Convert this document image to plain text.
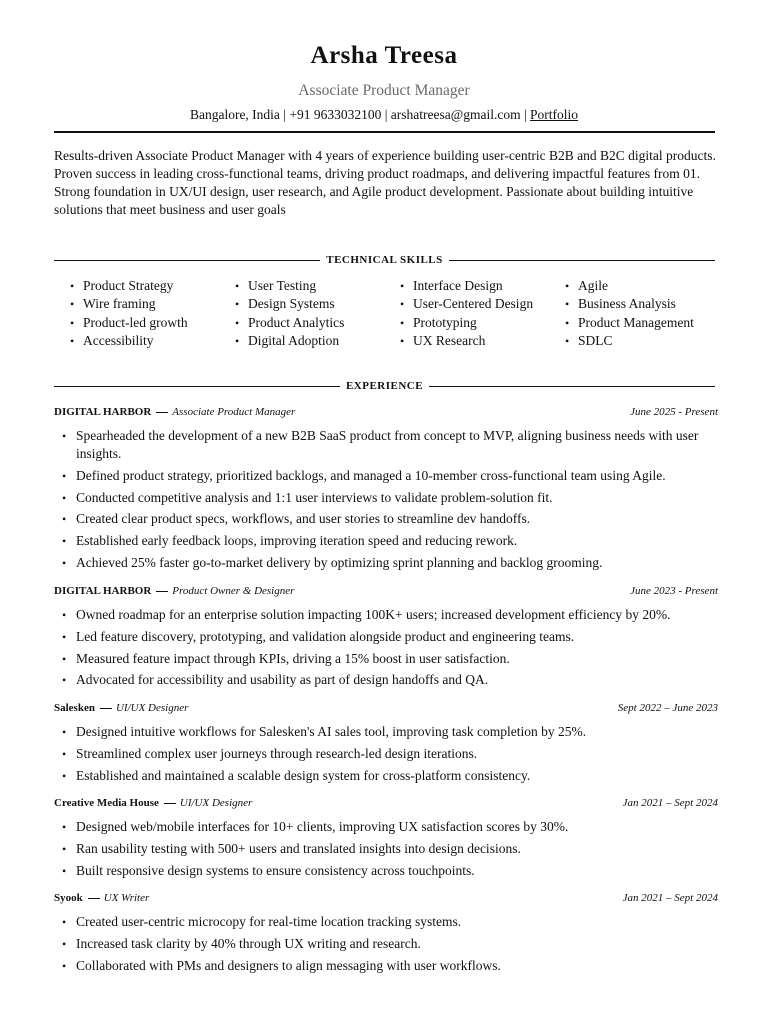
Arsha Treesa
Associate Product Manager
Bangalore, India | +91 9633032100 | arshatreesa@gmail.com | Portfolio
Results-driven Associate Product Manager with 4 years of experience building user-centric B2B and B2C digital products. Proven success in leading cross-functional teams, driving product roadmaps, and delivering impactful features from 01. Strong foundation in UX/UI design, user research, and Agile product development. Passionate about building intuitive solutions that meet business and user goals
TECHNICAL SKILLS
• Product Strategy
• Wire framing
• Product-led growth
• Accessibility
• User Testing
• Design Systems
• Product Analytics
• Digital Adoption
• Interface Design
• User-Centered Design
• Prototyping
• UX Research
• Agile
• Business Analysis
• Product Management
• SDLC
EXPERIENCE
DIGITAL HARBOR Associate Product Manager	June 2025 - Present
• Spearheaded the development of a new B2B SaaS product from concept to MVP, aligning business needs with user insights.
• Defined product strategy, prioritized backlogs, and managed a 10-member cross-functional team using Agile.
• Conducted competitive analysis and 1:1 user interviews to validate problem-solution fit.
• Created clear product specs, workflows, and user stories to streamline dev handoffs.
• Established early feedback loops, improving iteration speed and reducing rework.
• Achieved 25% faster go-to-market delivery by optimizing sprint planning and backlog grooming.
DIGITAL HARBOR Product Owner & Designer	June 2023 - Present
• Owned roadmap for an enterprise solution impacting 100K+ users; increased development efficiency by 20%.
• Led feature discovery, prototyping, and validation alongside product and engineering teams.
• Measured feature impact through KPIs, driving a 15% boost in user satisfaction.
• Advocated for accessibility and usability as part of design handoffs and QA.
Salesken UI/UX Designer	Sept 2022 – June 2023
• Designed intuitive workflows for Salesken's AI sales tool, improving task completion by 25%.
• Streamlined complex user journeys through research-led design iterations.
• Established and maintained a scalable design system for cross-platform consistency.
Creative Media House UI/UX Designer	Jan 2021 – Sept 2024
• Designed web/mobile interfaces for 10+ clients, improving UX satisfaction scores by 30%.
• Ran usability testing with 500+ users and translated insights into design decisions.
• Built responsive design systems to ensure consistency across touchpoints.
Syook UX Writer	Jan 2021 – Sept 2024
• Created user-centric microcopy for real-time location tracking systems.
• Increased task clarity by 40% through UX writing and research.
• Collaborated with PMs and designers to align messaging with user workflows.
